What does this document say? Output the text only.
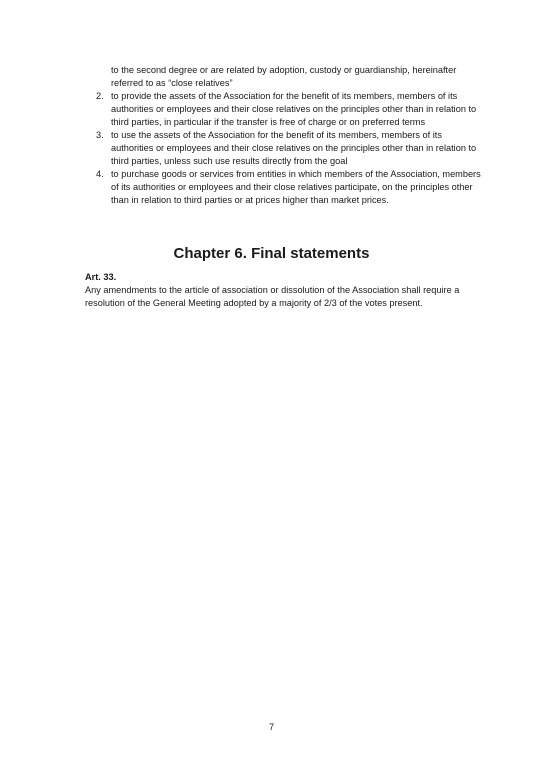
to the second degree or are related by adoption, custody or guardianship, hereinafter referred to as “close relatives”

2. to provide the assets of the Association for the benefit of its members, members of its authorities or employees and their close relatives on the principles other than in relation to third parties, in particular if the transfer is free of charge or on preferred terms
3. to use the assets of the Association for the benefit of its members, members of its authorities or employees and their close relatives on the principles other than in relation to third parties, unless such use results directly from the goal
4. to purchase goods or services from entities in which members of the Association, members of its authorities or employees and their close relatives participate, on the principles other than in relation to third parties or at prices higher than market prices.
Chapter 6. Final statements

Art. 33.

Any amendments to the article of association or dissolution of the Association shall require a resolution of the General Meeting adopted by a majority of 2/3 of the votes present.

7
